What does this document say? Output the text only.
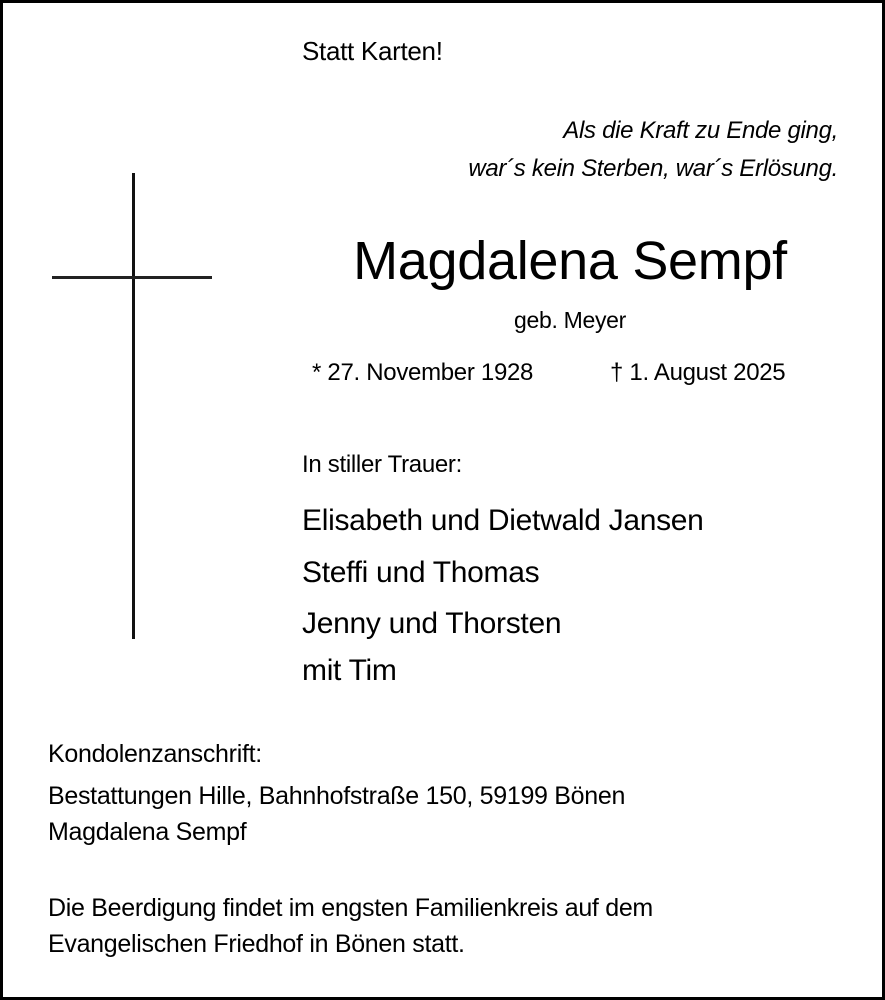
Statt Karten!
Als die Kraft zu Ende ging,
war´s kein Sterben, war´s Erlösung.
Magdalena Sempf
geb. Meyer
* 27. November 1928	† 1. August 2025
In stiller Trauer:
Elisabeth und Dietwald Jansen
Steffi und Thomas
Jenny und Thorsten
mit Tim
Kondolenzanschrift:
Bestattungen Hille, Bahnhofstraße 150, 59199 Bönen
Magdalena Sempf
Die Beerdigung findet im engsten Familienkreis auf dem
Evangelischen Friedhof in Bönen statt.
